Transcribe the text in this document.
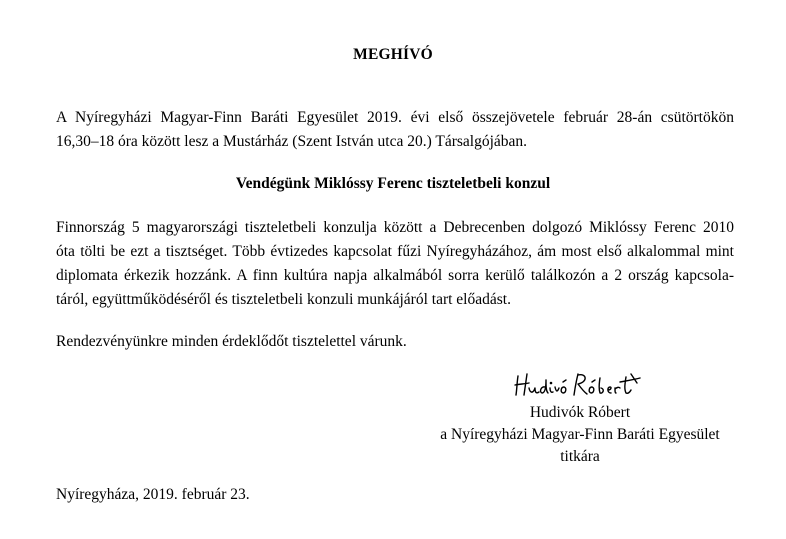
MEGHÍVÓ

A Nyíregyházi Magyar-Finn Baráti Egyesület 2019. évi első összejövetele február 28-án csütörtökön
16,30–18 óra között lesz a Mustárház (Szent István utca 20.) Társalgójában.

Vendégünk Miklóssy Ferenc tiszteletbeli konzul

Finnország 5 magyarországi tiszteletbeli konzulja között a Debrecenben dolgozó Miklóssy Ferenc 2010
óta tölti be ezt a tisztséget. Több évtizedes kapcsolat fűzi Nyíregyházához, ám most első alkalommal mint
diplomata érkezik hozzánk. A finn kultúra napja alkalmából sorra kerülő találkozón a 2 ország kapcsola-
táról, együttműködéséről és tiszteletbeli konzuli munkájáról tart előadást.

Rendezvényünkre minden érdeklődőt tisztelettel várunk.

Hudivók Róbert
a Nyíregyházi Magyar-Finn Baráti Egyesület
titkára
Nyíregyháza, 2019. február 23.
